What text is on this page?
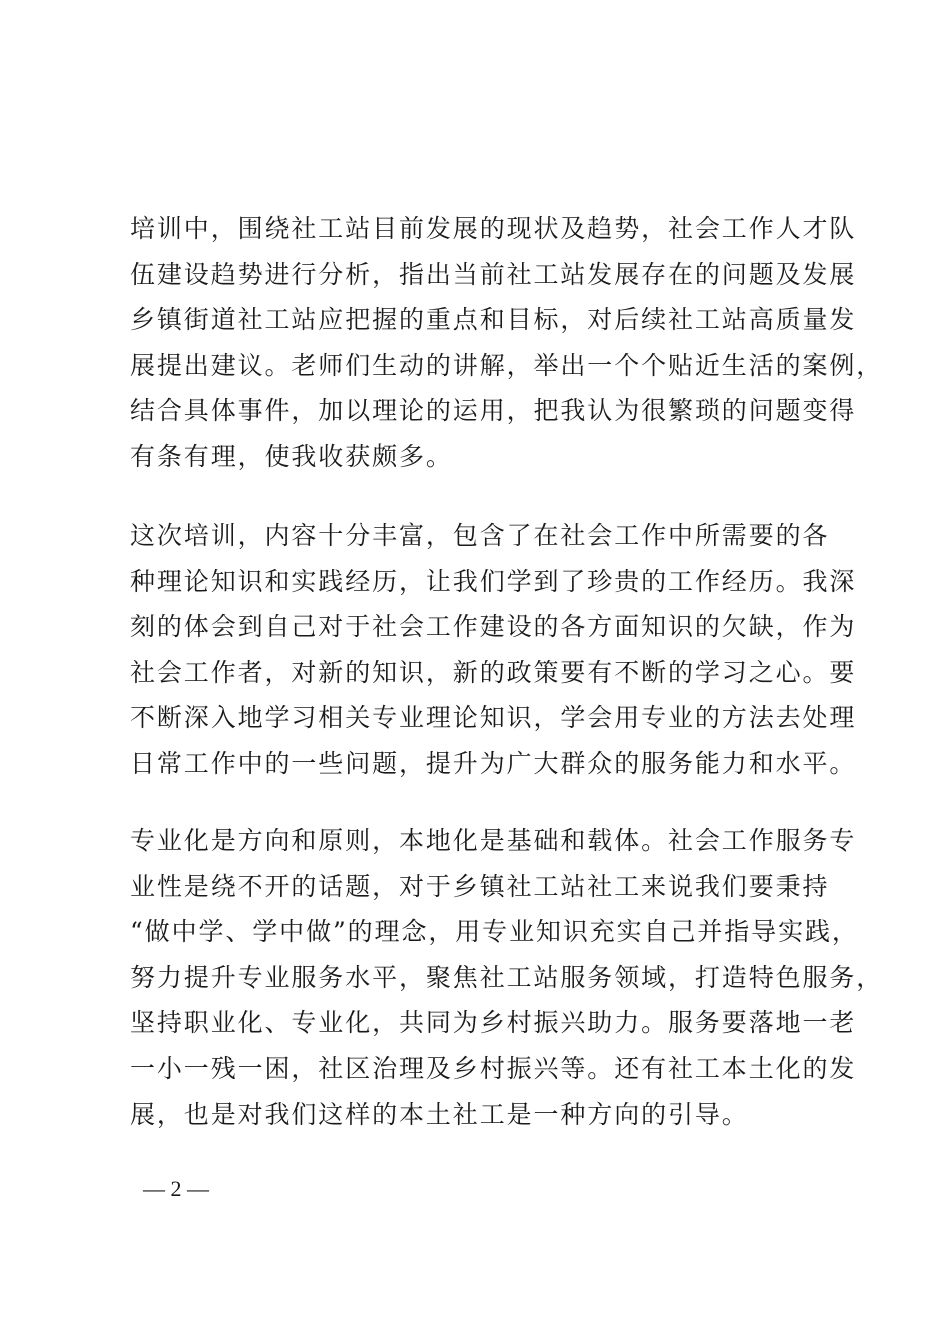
培训中，围绕社工站目前发展的现状及趋势，社会工作人才队
伍建设趋势进行分析，指出当前社工站发展存在的问题及发展
乡镇街道社工站应把握的重点和目标，对后续社工站高质量发
展提出建议。老师们生动的讲解，举出一个个贴近生活的案例，
结合具体事件，加以理论的运用，把我认为很繁琐的问题变得
有条有理，使我收获颇多。
这次培训，内容十分丰富，包含了在社会工作中所需要的各
种理论知识和实践经历，让我们学到了珍贵的工作经历。我深
刻的体会到自己对于社会工作建设的各方面知识的欠缺，作为
社会工作者，对新的知识，新的政策要有不断的学习之心。要
不断深入地学习相关专业理论知识，学会用专业的方法去处理
日常工作中的一些问题，提升为广大群众的服务能力和水平。
专业化是方向和原则，本地化是基础和载体。社会工作服务专
业性是绕不开的话题，对于乡镇社工站社工来说我们要秉持
“做中学、学中做”的理念，用专业知识充实自己并指导实践，
努力提升专业服务水平，聚焦社工站服务领域，打造特色服务，
坚持职业化、专业化，共同为乡村振兴助力。服务要落地一老
一小一残一困，社区治理及乡村振兴等。还有社工本土化的发
展，也是对我们这样的本土社工是一种方向的引导。
— 2 —
